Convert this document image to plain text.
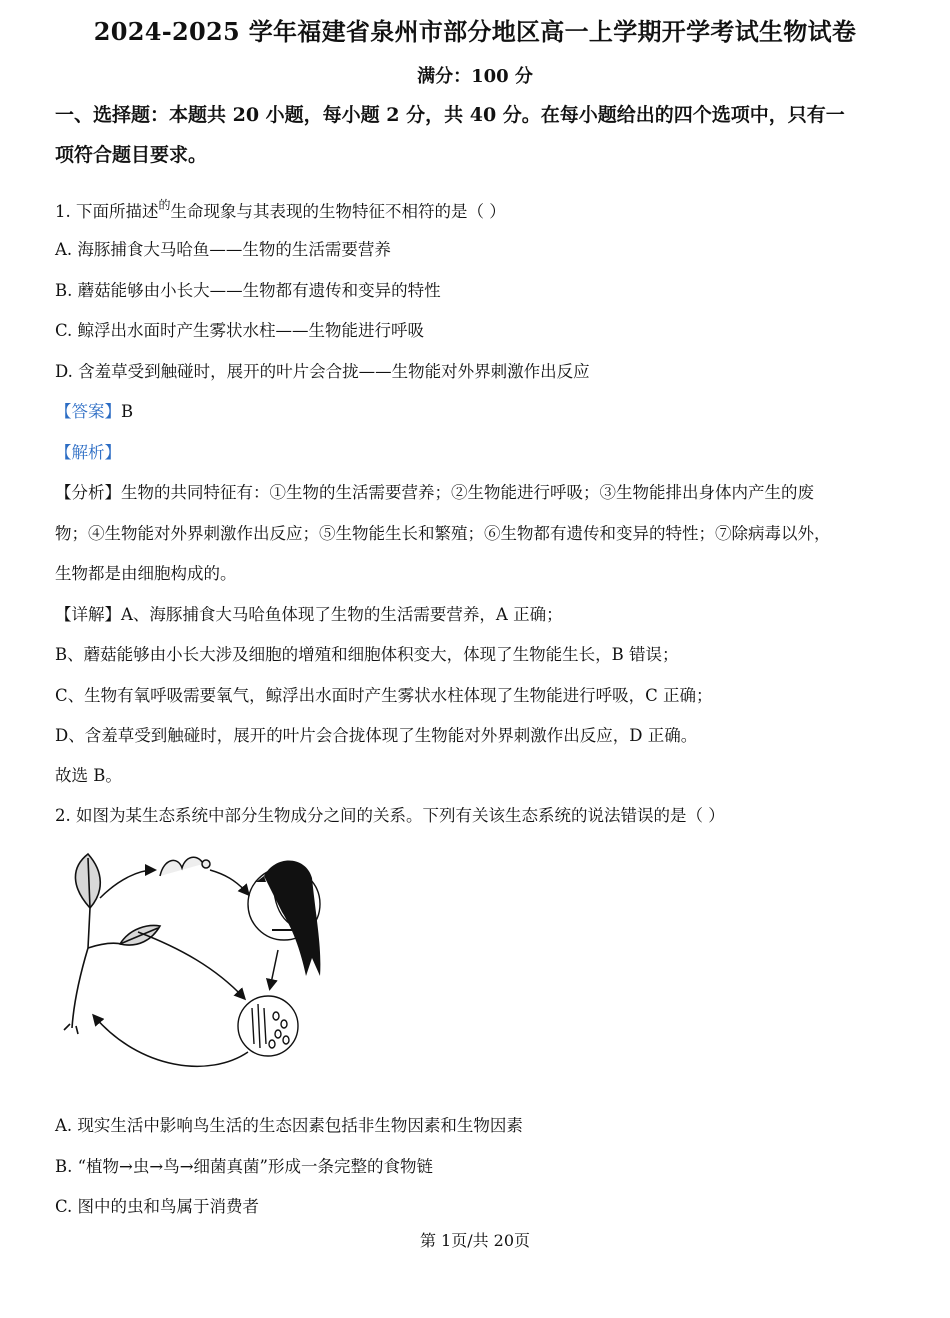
2024-2025 学年福建省泉州市部分地区高一上学期开学考试生物试卷
满分：100 分
一、选择题：本题共 20 小题，每小题 2 分，共 40 分。在每小题给出的四个选项中，只有一
项符合题目要求。
1. 下面所描述$^的$生命现象与其表现的生物特征不相符的是（ ）
A. 海豚捕食大马哈鱼——生物的生活需要营养
B. 蘑菇能够由小长大——生物都有遗传和变异的特性
C. 鲸浮出水面时产生雾状水柱——生物能进行呼吸
D. 含羞草受到触碰时，展开的叶片会合拢——生物能对外界刺激作出反应
【答案】B
【解析】
【分析】生物的共同特征有：①生物的生活需要营养；②生物能进行呼吸；③生物能排出身体内产生的废
物；④生物能对外界刺激作出反应；⑤生物能生长和繁殖；⑥生物都有遗传和变异的特性；⑦除病毒以外，
生物都是由细胞构成的。
【详解】A、海豚捕食大马哈鱼体现了生物的生活需要营养，A 正确；
B、蘑菇能够由小长大涉及细胞的增殖和细胞体积变大，体现了生物能生长，B 错误；
C、生物有氧呼吸需要氧气，鲸浮出水面时产生雾状水柱体现了生物能进行呼吸，C 正确；
D、含羞草受到触碰时，展开的叶片会合拢体现了生物能对外界刺激作出反应，D 正确。
故选 B。
2. 如图为某生态系统中部分生物成分之间的关系。下列有关该生态系统的说法错误的是（ ）
A. 现实生活中影响鸟生活的生态因素包括非生物因素和生物因素
B. “植物→虫→鸟→细菌真菌”形成一条完整的食物链
C. 图中的虫和鸟属于消费者
第 1页/共 20页
